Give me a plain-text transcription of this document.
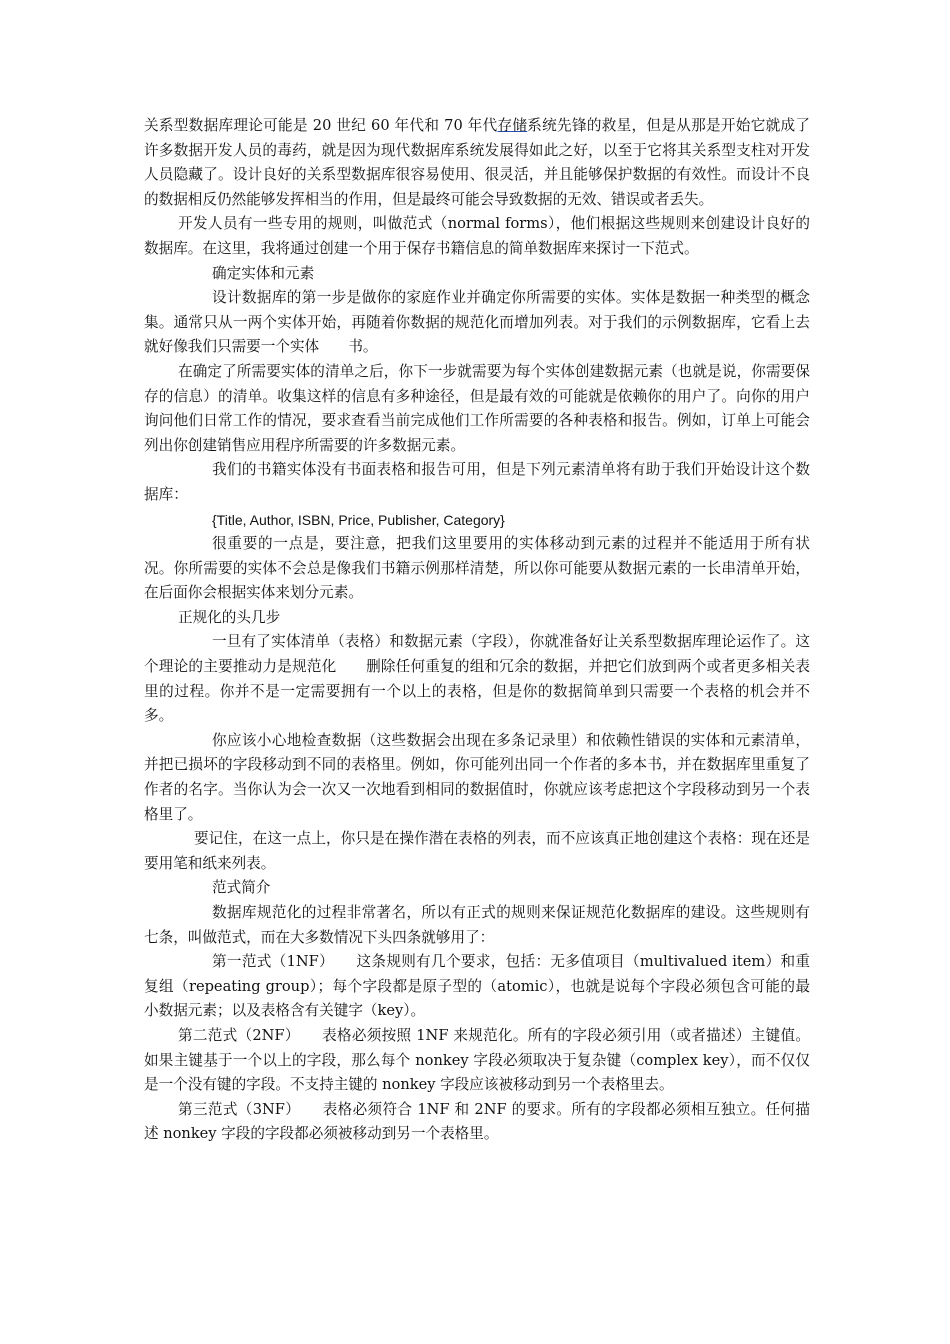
关系型数据库理论可能是 20 世纪 60 年代和 70 年代存储系统先锋的救星，但是从那是开始它就成了许多数据开发人员的毒药，就是因为现代数据库系统发展得如此之好，以至于它将其关系型支柱对开发人员隐藏了。设计良好的关系型数据库很容易使用、很灵活，并且能够保护数据的有效性。而设计不良的数据相反仍然能够发挥相当的作用，但是最终可能会导致数据的无效、错误或者丢失。

开发人员有一些专用的规则，叫做范式（normal forms），他们根据这些规则来创建设计良好的数据库。在这里，我将通过创建一个用于保存书籍信息的简单数据库来探讨一下范式。

确定实体和元素

设计数据库的第一步是做你的家庭作业并确定你所需要的实体。实体是数据一种类型的概念集。通常只从一两个实体开始，再随着你数据的规范化而增加列表。对于我们的示例数据库，它看上去就好像我们只需要一个实体　　书。

在确定了所需要实体的清单之后，你下一步就需要为每个实体创建数据元素（也就是说，你需要保存的信息）的清单。收集这样的信息有多种途径，但是最有效的可能就是依赖你的用户了。向你的用户询问他们日常工作的情况，要求查看当前完成他们工作所需要的各种表格和报告。例如，订单上可能会列出你创建销售应用程序所需要的许多数据元素。

我们的书籍实体没有书面表格和报告可用，但是下列元素清单将有助于我们开始设计这个数据库：

{Title, Author, ISBN, Price, Publisher, Category}

很重要的一点是，要注意，把我们这里要用的实体移动到元素的过程并不能适用于所有状况。你所需要的实体不会总是像我们书籍示例那样清楚，所以你可能要从数据元素的一长串清单开始，在后面你会根据实体来划分元素。

正规化的头几步

一旦有了实体清单（表格）和数据元素（字段），你就准备好让关系型数据库理论运作了。这个理论的主要推动力是规范化　　删除任何重复的组和冗余的数据，并把它们放到两个或者更多相关表里的过程。你并不是一定需要拥有一个以上的表格，但是你的数据简单到只需要一个表格的机会并不多。

你应该小心地检查数据（这些数据会出现在多条记录里）和依赖性错误的实体和元素清单，并把已损坏的字段移动到不同的表格里。例如，你可能列出同一个作者的多本书，并在数据库里重复了作者的名字。当你认为会一次又一次地看到相同的数据值时，你就应该考虑把这个字段移动到另一个表格里了。

要记住，在这一点上，你只是在操作潜在表格的列表，而不应该真正地创建这个表格：现在还是要用笔和纸来列表。

范式简介

数据库规范化的过程非常著名，所以有正式的规则来保证规范化数据库的建设。这些规则有七条，叫做范式，而在大多数情况下头四条就够用了：

第一范式（1NF）　　这条规则有几个要求，包括：无多值项目（multivalued item）和重复组（repeating group）；每个字段都是原子型的（atomic），也就是说每个字段必须包含可能的最小数据元素；以及表格含有关键字（key）。

第二范式（2NF）　　表格必须按照 1NF 来规范化。所有的字段必须引用（或者描述）主键值。如果主键基于一个以上的字段，那么每个 nonkey 字段必须取决于复杂键（complex key），而不仅仅是一个没有键的字段。不支持主键的 nonkey 字段应该被移动到另一个表格里去。

第三范式（3NF）　　表格必须符合 1NF 和 2NF 的要求。所有的字段都必须相互独立。任何描述 nonkey 字段的字段都必须被移动到另一个表格里。
